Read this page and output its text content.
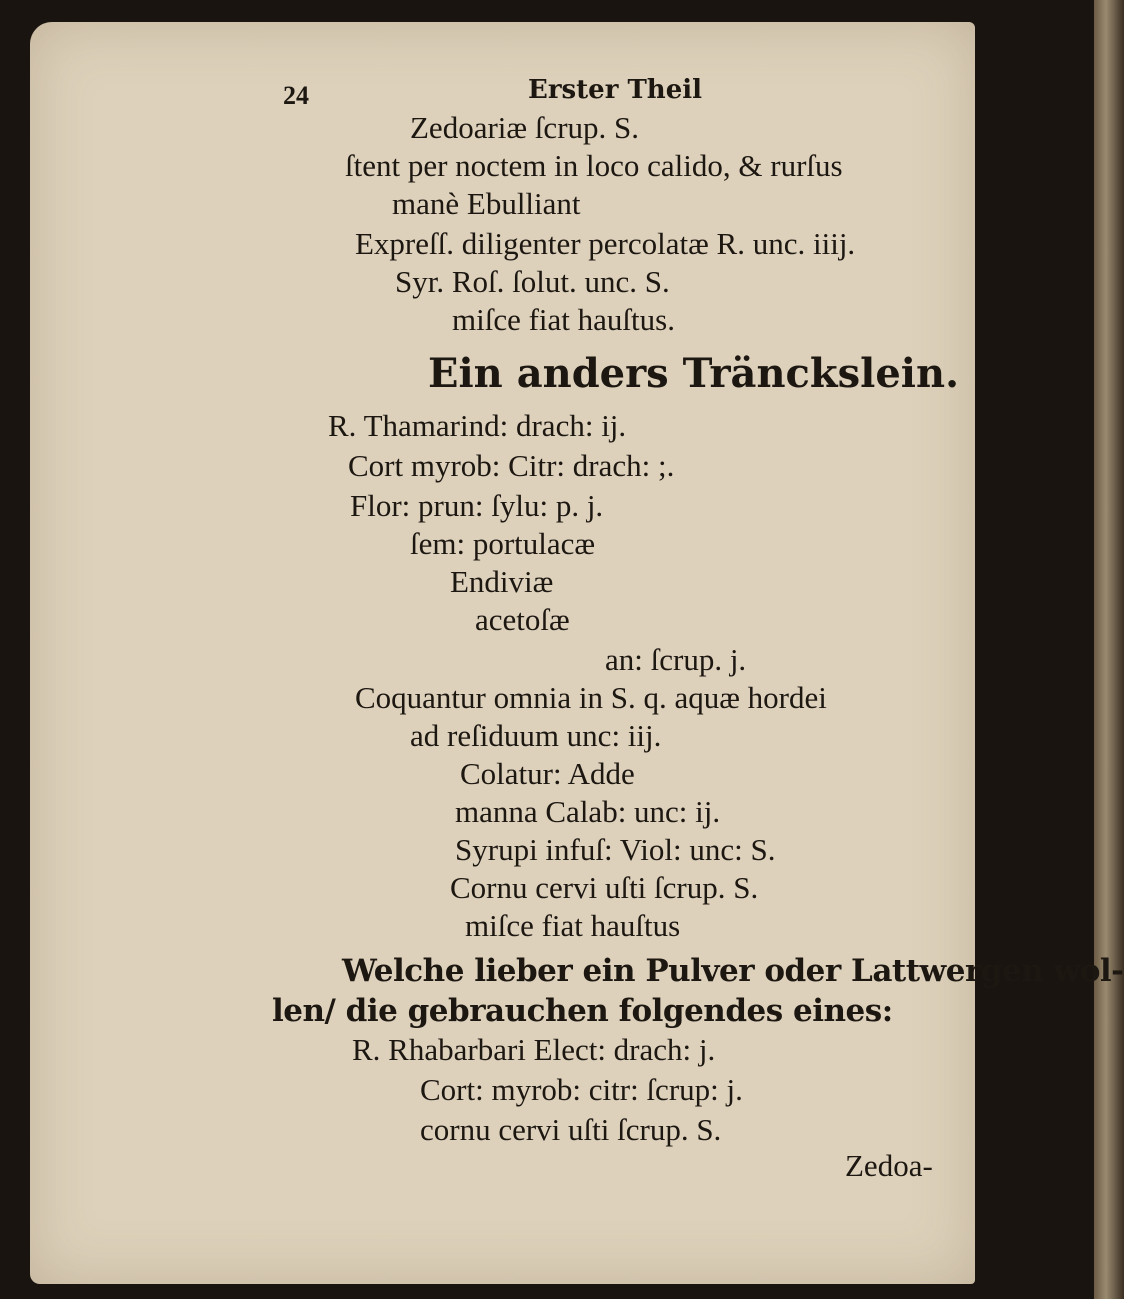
24	Erster Theil
Zedoariæ ſcrup. S.
ſtent per noctem in loco calido, & rurſus
manè Ebulliant
Expreſſ. diligenter percolatæ R. unc. iiij.
Syr. Roſ. ſolut. unc. S.
miſce fiat hauſtus.
Ein anders Tränckslein.
R. Thamarind: drach: ij.
Cort myrob: Citr: drach: ;.
Flor: prun: ſylu: p. j.
ſem: portulacæ
Endiviæ
acetoſæ
an: ſcrup. j.
Coquantur omnia in S. q. aquæ hordei
ad reſiduum unc: iij.
Colatur: Adde
manna Calab: unc: ij.
Syrupi infuſ: Viol: unc: S.
Cornu cervi uſti ſcrup. S.
miſce fiat hauſtus
Welche lieber ein Pulver oder Lattwergen wol-
len/ die gebrauchen folgendes eines:
R. Rhabarbari Elect: drach: j.
Cort: myrob: citr: ſcrup: j.
cornu cervi uſti ſcrup. S.
Zedoa-
